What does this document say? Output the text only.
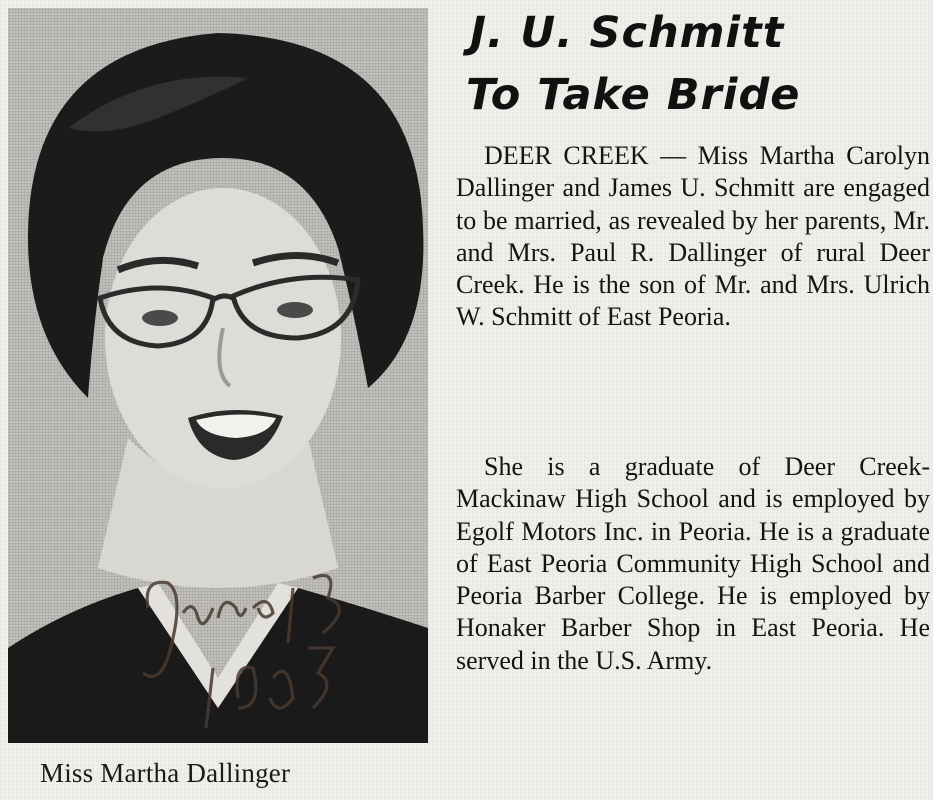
Miss Martha Dallinger
J. U. Schmitt
To Take Bride

DEER CREEK — Miss Martha Carolyn Dallinger and James U. Schmitt are engaged to be married, as revealed by her parents, Mr. and Mrs. Paul R. Dallinger of rural Deer Creek. He is the son of Mr. and Mrs. Ulrich W. Schmitt of East Peoria.

She is a graduate of Deer Creek-Mackinaw High School and is employed by Egolf Motors Inc. in Peoria. He is a graduate of East Peoria Community High School and Peoria Barber College. He is employed by Honaker Barber Shop in East Peoria. He served in the U.S. Army.
